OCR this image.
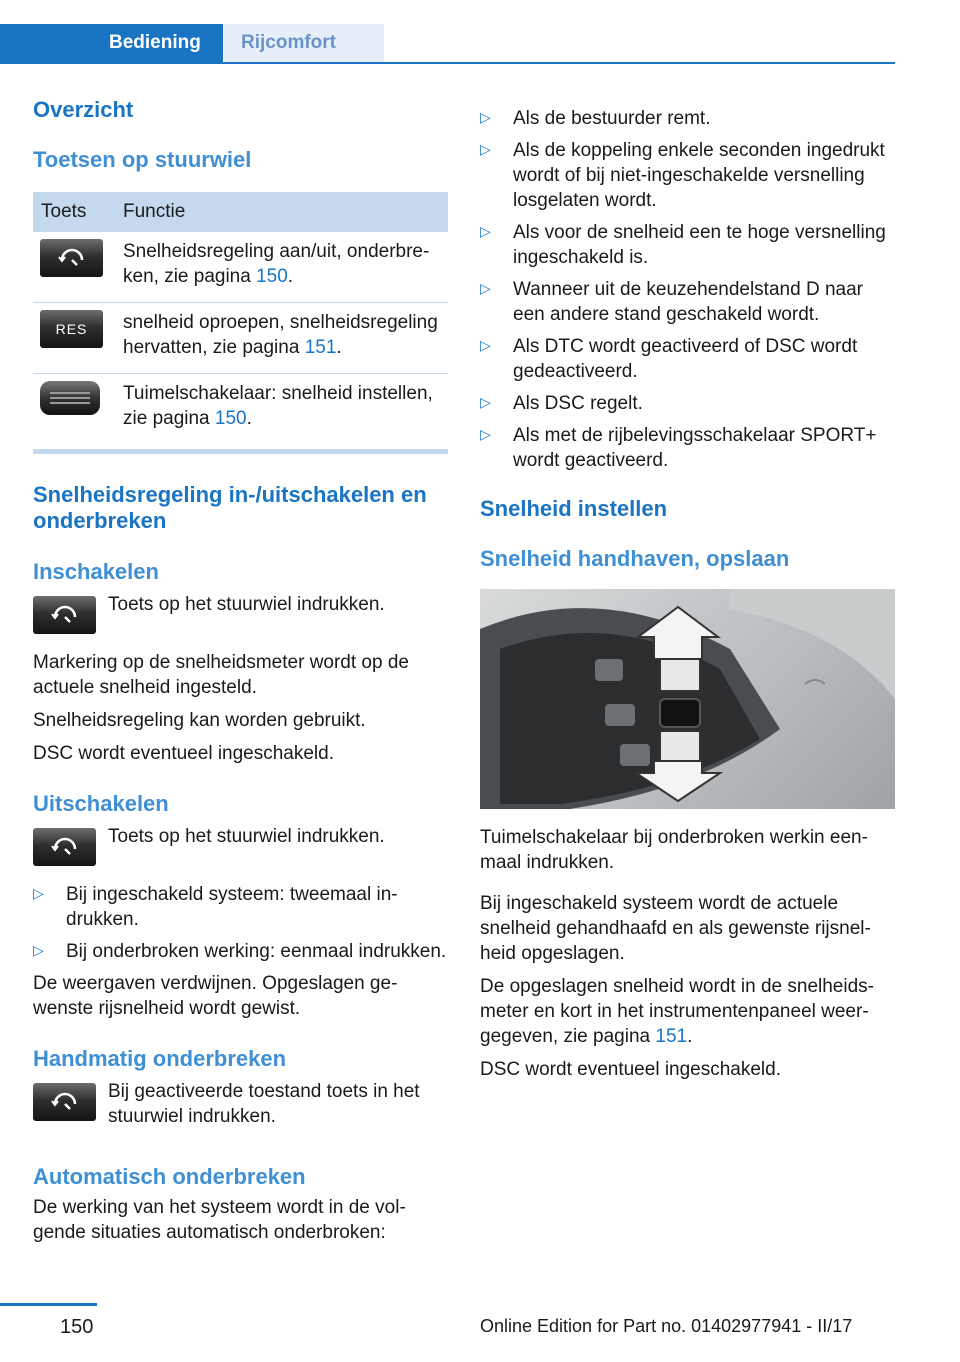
Bediening Rijcomfort
Overzicht
Toetsen op stuurwiel
Toets	Functie

	Snelheidsregeling aan/uit, onderbreken, zie pagina 150.

RES	snelheid oproepen, snelheidsregeling hervatten, zie pagina 151.

	Tuimelschakelaar: snelheid instellen, zie pagina 150.
Snelheidsregeling in-/uitschakelen en onderbreken
Inschakelen

Toets op het stuurwiel indrukken.

Markering op de snelheidsmeter wordt op de actuele snelheid ingesteld.

Snelheidsregeling kan worden gebruikt.

DSC wordt eventueel ingeschakeld.

Uitschakelen

Toets op het stuurwiel indrukken.

▷ Bij ingeschakeld systeem: tweemaal indrukken.
▷ Bij onderbroken werking: eenmaal indrukken.

De weergaven verdwijnen. Opgeslagen gewenste rijsnelheid wordt gewist.

Handmatig onderbreken

Bij geactiveerde toestand toets in het stuurwiel indrukken.

Automatisch onderbreken

De werking van het systeem wordt in de volgende situaties automatisch onderbroken:

▷ Als de bestuurder remt.
▷ Als de koppeling enkele seconden ingedrukt wordt of bij niet-ingeschakelde versnelling losgelaten wordt.
▷ Als voor de snelheid een te hoge versnelling ingeschakeld is.
▷ Wanneer uit de keuzehendelstand D naar een andere stand geschakeld wordt.
▷ Als DTC wordt geactiveerd of DSC wordt gedeactiveerd.
▷ Als DSC regelt.
▷ Als met de rijbelevingsschakelaar SPORT+ wordt geactiveerd.
Snelheid instellen
Snelheid handhaven, opslaan

Tuimelschakelaar bij onderbroken werkin eenmaal indrukken.

Bij ingeschakeld systeem wordt de actuele snelheid gehandhaafd en als gewenste rijsnelheid opgeslagen.

De opgeslagen snelheid wordt in de snelheidsmeter en kort in het instrumentenpaneel weergegeven, zie pagina 151.

DSC wordt eventueel ingeschakeld.

150	Online Edition for Part no. 01402977941 - II/17
